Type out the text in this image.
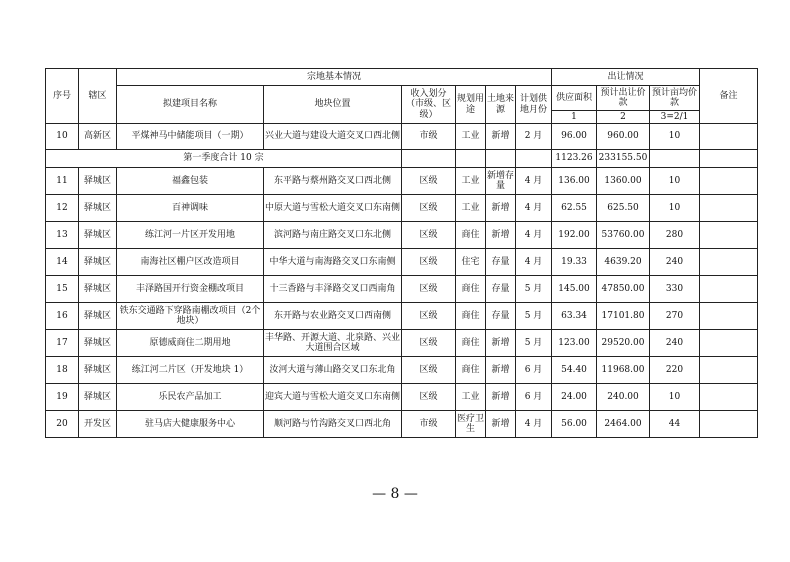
序号	辖区	宗地基本情况						出让情况			备注
		拟建项目名称	地块位置	收入划分（市级、区级）	规划用途	土地来源	计划供地月份	供应面积	预计出让价款	预计亩均价款	
								1	2	3=2/1	
10	高新区	平煤神马中储能项目（一期）	兴业大道与建设大道交叉口西北侧	市级	工业	新增	2 月	96.00	960.00	10	
第一季度合计 10 宗								1123.26	233155.50		
11	驿城区	福鑫包装	东平路与蔡州路交叉口西北侧	区级	工业	新增存量	4 月	136.00	1360.00	10	
12	驿城区	百神调味	中原大道与雪松大道交叉口东南侧	区级	工业	新增	4 月	62.55	625.50	10	
13	驿城区	练江河一片区开发用地	滨河路与南庄路交叉口东北侧	区级	商住	新增	4 月	192.00	53760.00	280	
14	驿城区	南海社区棚户区改造项目	中华大道与南海路交叉口东南侧	区级	住宅	存量	4 月	19.33	4639.20	240	
15	驿城区	丰泽路国开行资金棚改项目	十三香路与丰泽路交叉口西南角	区级	商住	存量	5 月	145.00	47850.00	330	
16	驿城区	铁东交通路下穿路南棚改项目（2个地块）	东开路与农业路交叉口西南侧	区级	商住	存量	5 月	63.34	17101.80	270	
17	驿城区	原德威商住二期用地	丰华路、开源大道、北泉路、兴业大道围合区域	区级	商住	新增	5 月	123.00	29520.00	240	
18	驿城区	练江河二片区（开发地块 1）	汝河大道与薄山路交叉口东北角	区级	商住	新增	6 月	54.40	11968.00	220	
19	驿城区	乐民农产品加工	迎宾大道与雪松大道交叉口东南侧	区级	工业	新增	6 月	24.00	240.00	10	
20	开发区	驻马店大健康服务中心	顺河路与竹沟路交叉口西北角	市级	医疗卫生	新增	4 月	56.00	2464.00	44	
— 8 —
